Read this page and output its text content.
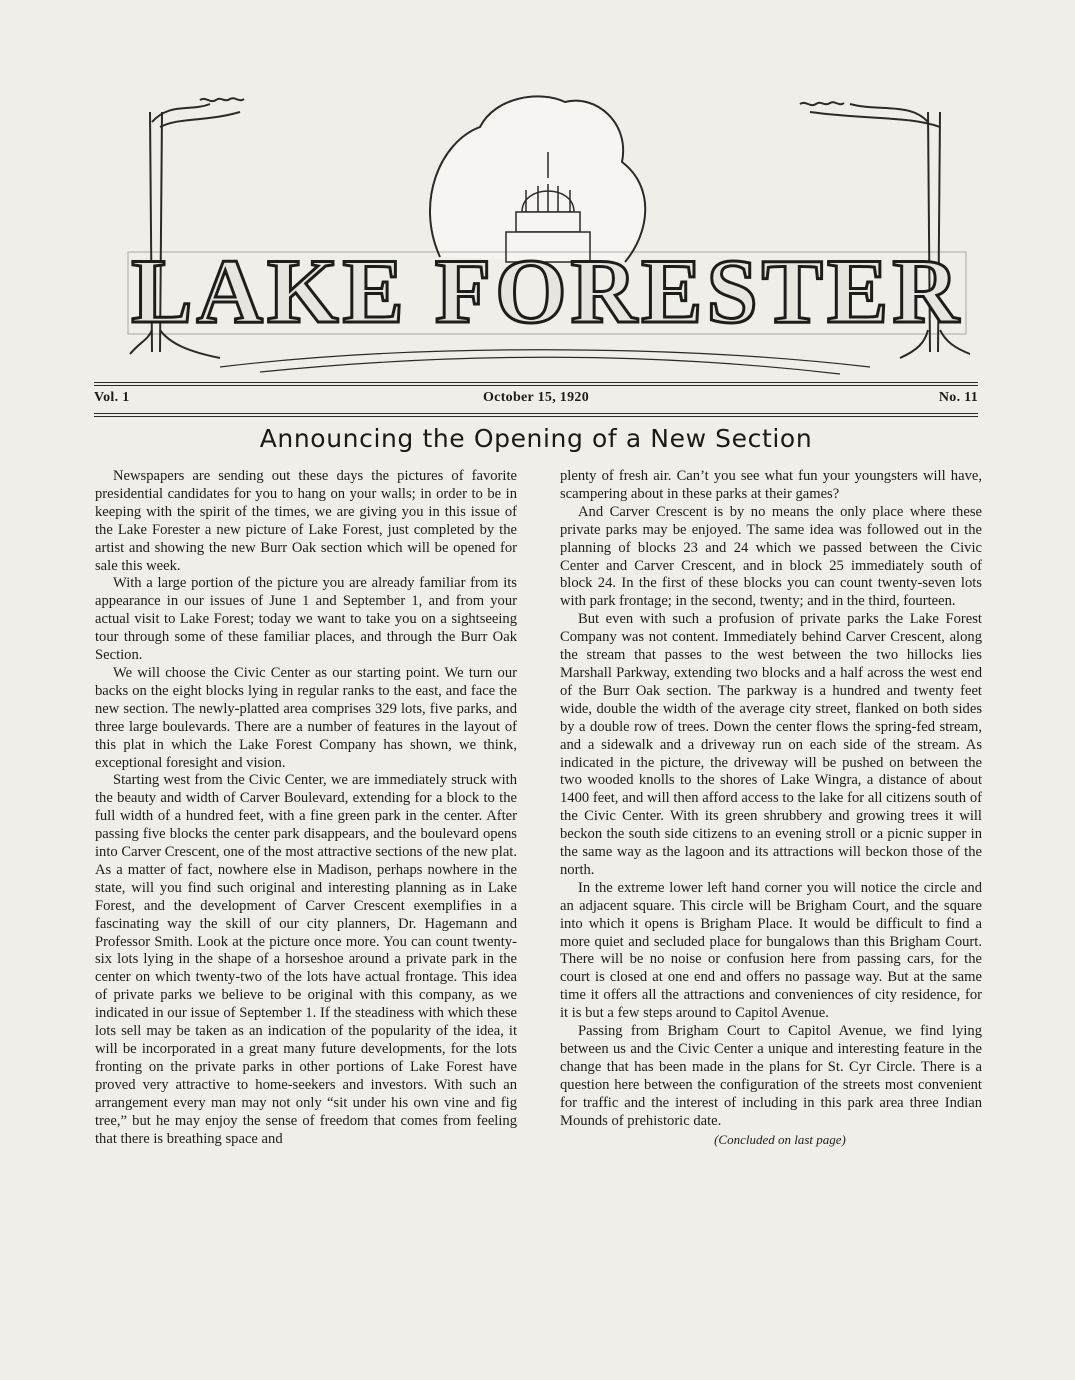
LAKE FORESTER
October 15, 1920
Vol. 1	No. 11
Announcing the Opening of a New Section

Newspapers are sending out these days the pictures of favorite presidential candidates for you to hang on your walls; in order to be in keeping with the spirit of the times, we are giving you in this issue of the Lake Forester a new picture of Lake Forest, just completed by the artist and showing the new Burr Oak section which will be opened for sale this week.

With a large portion of the picture you are already familiar from its appearance in our issues of June 1 and September 1, and from your actual visit to Lake Forest; today we want to take you on a sightseeing tour through some of these familiar places, and through the Burr Oak Section.

We will choose the Civic Center as our starting point. We turn our backs on the eight blocks lying in regular ranks to the east, and face the new section. The newly-platted area comprises 329 lots, five parks, and three large boulevards. There are a number of features in the layout of this plat in which the Lake Forest Company has shown, we think, exceptional foresight and vision.

Starting west from the Civic Center, we are immediately struck with the beauty and width of Carver Boulevard, extending for a block to the full width of a hundred feet, with a fine green park in the center. After passing five blocks the center park disappears, and the boulevard opens into Carver Crescent, one of the most attractive sections of the new plat. As a matter of fact, nowhere else in Madison, perhaps nowhere in the state, will you find such original and interesting planning as in Lake Forest, and the development of Carver Crescent exemplifies in a fascinating way the skill of our city planners, Dr. Hagemann and Professor Smith. Look at the picture once more. You can count twenty-six lots lying in the shape of a horseshoe around a private park in the center on which twenty-two of the lots have actual frontage. This idea of private parks we believe to be original with this company, as we indicated in our issue of September 1. If the steadiness with which these lots sell may be taken as an indication of the popularity of the idea, it will be incorporated in a great many future developments, for the lots fronting on the private parks in other portions of Lake Forest have proved very attractive to home-seekers and investors. With such an arrangement every man may not only “sit under his own vine and fig tree,” but he may enjoy the sense of freedom that comes from feeling that there is breathing space and

plenty of fresh air. Can’t you see what fun your youngsters will have, scampering about in these parks at their games?

And Carver Crescent is by no means the only place where these private parks may be enjoyed. The same idea was followed out in the planning of blocks 23 and 24 which we passed between the Civic Center and Carver Crescent, and in block 25 immediately south of block 24. In the first of these blocks you can count twenty-seven lots with park frontage; in the second, twenty; and in the third, fourteen.

But even with such a profusion of private parks the Lake Forest Company was not content. Immediately behind Carver Crescent, along the stream that passes to the west between the two hillocks lies Marshall Parkway, extending two blocks and a half across the west end of the Burr Oak section. The parkway is a hundred and twenty feet wide, double the width of the average city street, flanked on both sides by a double row of trees. Down the center flows the spring-fed stream, and a sidewalk and a driveway run on each side of the stream. As indicated in the picture, the driveway will be pushed on between the two wooded knolls to the shores of Lake Wingra, a distance of about 1400 feet, and will then afford access to the lake for all citizens south of the Civic Center. With its green shrubbery and growing trees it will beckon the south side citizens to an evening stroll or a picnic supper in the same way as the lagoon and its attractions will beckon those of the north.

In the extreme lower left hand corner you will notice the circle and an adjacent square. This circle will be Brigham Court, and the square into which it opens is Brigham Place. It would be difficult to find a more quiet and secluded place for bungalows than this Brigham Court. There will be no noise or confusion here from passing cars, for the court is closed at one end and offers no passage way. But at the same time it offers all the attractions and conveniences of city residence, for it is but a few steps around to Capitol Avenue.

Passing from Brigham Court to Capitol Avenue, we find lying between us and the Civic Center a unique and interesting feature in the change that has been made in the plans for St. Cyr Circle. There is a question here between the configuration of the streets most convenient for traffic and the interest of including in this park area three Indian Mounds of prehistoric date.

(Concluded on last page)
